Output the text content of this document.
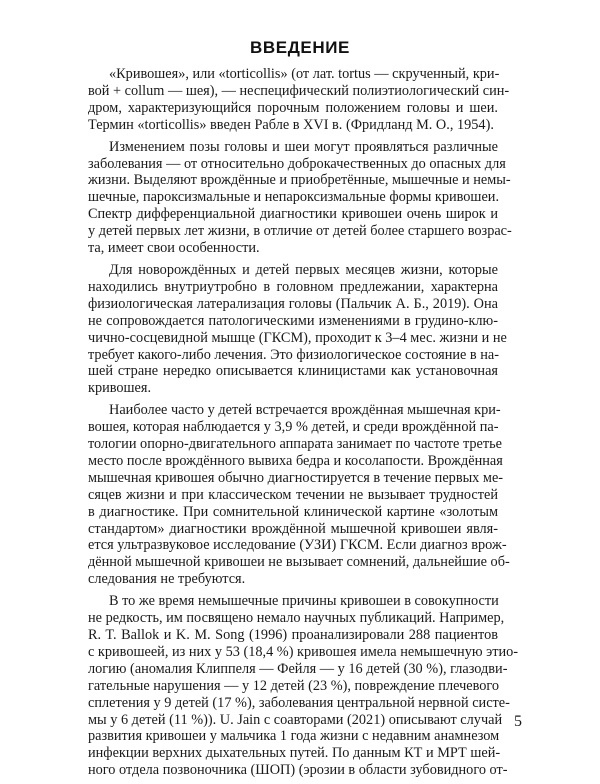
ВВЕДЕНИЕ

«Кривошея», или «torticollis» (от лат. tortus — скрученный, кри-
вой + collum — шея), — неспецифический полиэтиологический син-
дром, характеризующийся порочным положением головы и шеи.
Термин «torticollis» введен Рабле в XVI в. (Фридланд М. О., 1954).

Изменением позы головы и шеи могут проявляться различные
заболевания — от относительно доброкачественных до опасных для
жизни. Выделяют врождённые и приобретённые, мышечные и немы-
шечные, пароксизмальные и непароксизмальные формы кривошеи.
Спектр дифференциальной диагностики кривошеи очень широк и
у детей первых лет жизни, в отличие от детей более старшего возрас-
та, имеет свои особенности.

Для новорождённых и детей первых месяцев жизни, которые
находились внутриутробно в головном предлежании, характерна
физиологическая латерализация головы (Пальчик А. Б., 2019). Она
не сопровождается патологическими изменениями в грудино-клю-
чично-сосцевидной мышце (ГКСМ), проходит к 3–4 мес. жизни и не
требует какого-либо лечения. Это физиологическое состояние в на-
шей стране нередко описывается клиницистами как установочная
кривошея.

Наиболее часто у детей встречается врождённая мышечная кри-
вошея, которая наблюдается у 3,9 % детей, и среди врождённой па-
тологии опорно-двигательного аппарата занимает по частоте третье
место после врождённого вывиха бедра и косолапости. Врождённая
мышечная кривошея обычно диагностируется в течение первых ме-
сяцев жизни и при классическом течении не вызывает трудностей
в диагностике. При сомнительной клинической картине «золотым
стандартом» диагностики врождённой мышечной кривошеи явля-
ется ультразвуковое исследование (УЗИ) ГКСМ. Если диагноз врож-
дённой мышечной кривошеи не вызывает сомнений, дальнейшие об-
следования не требуются.

В то же время немышечные причины кривошеи в совокупности
не редкость, им посвящено немало научных публикаций. Например,
R. T. Ballok и K. M. Song (1996) проанализировали 288 пациентов
с кривошеей, из них у 53 (18,4 %) кривошея имела немышечную этио-
логию (аномалия Клиппеля — Фейля — у 16 детей (30 %), глазодви-
гательные нарушения — у 12 детей (23 %), повреждение плечевого
сплетения у 9 детей (17 %), заболевания центральной нервной систе-
мы у 6 детей (11 %)). U. Jain с соавторами (2021) описывают случай
развития кривошеи у мальчика 1 года жизни с недавним анамнезом
инфекции верхних дыхательных путей. По данным КТ и МРТ шей-
ного отдела позвоночника (ШОП) (эрозии в области зубовидного от-

5
